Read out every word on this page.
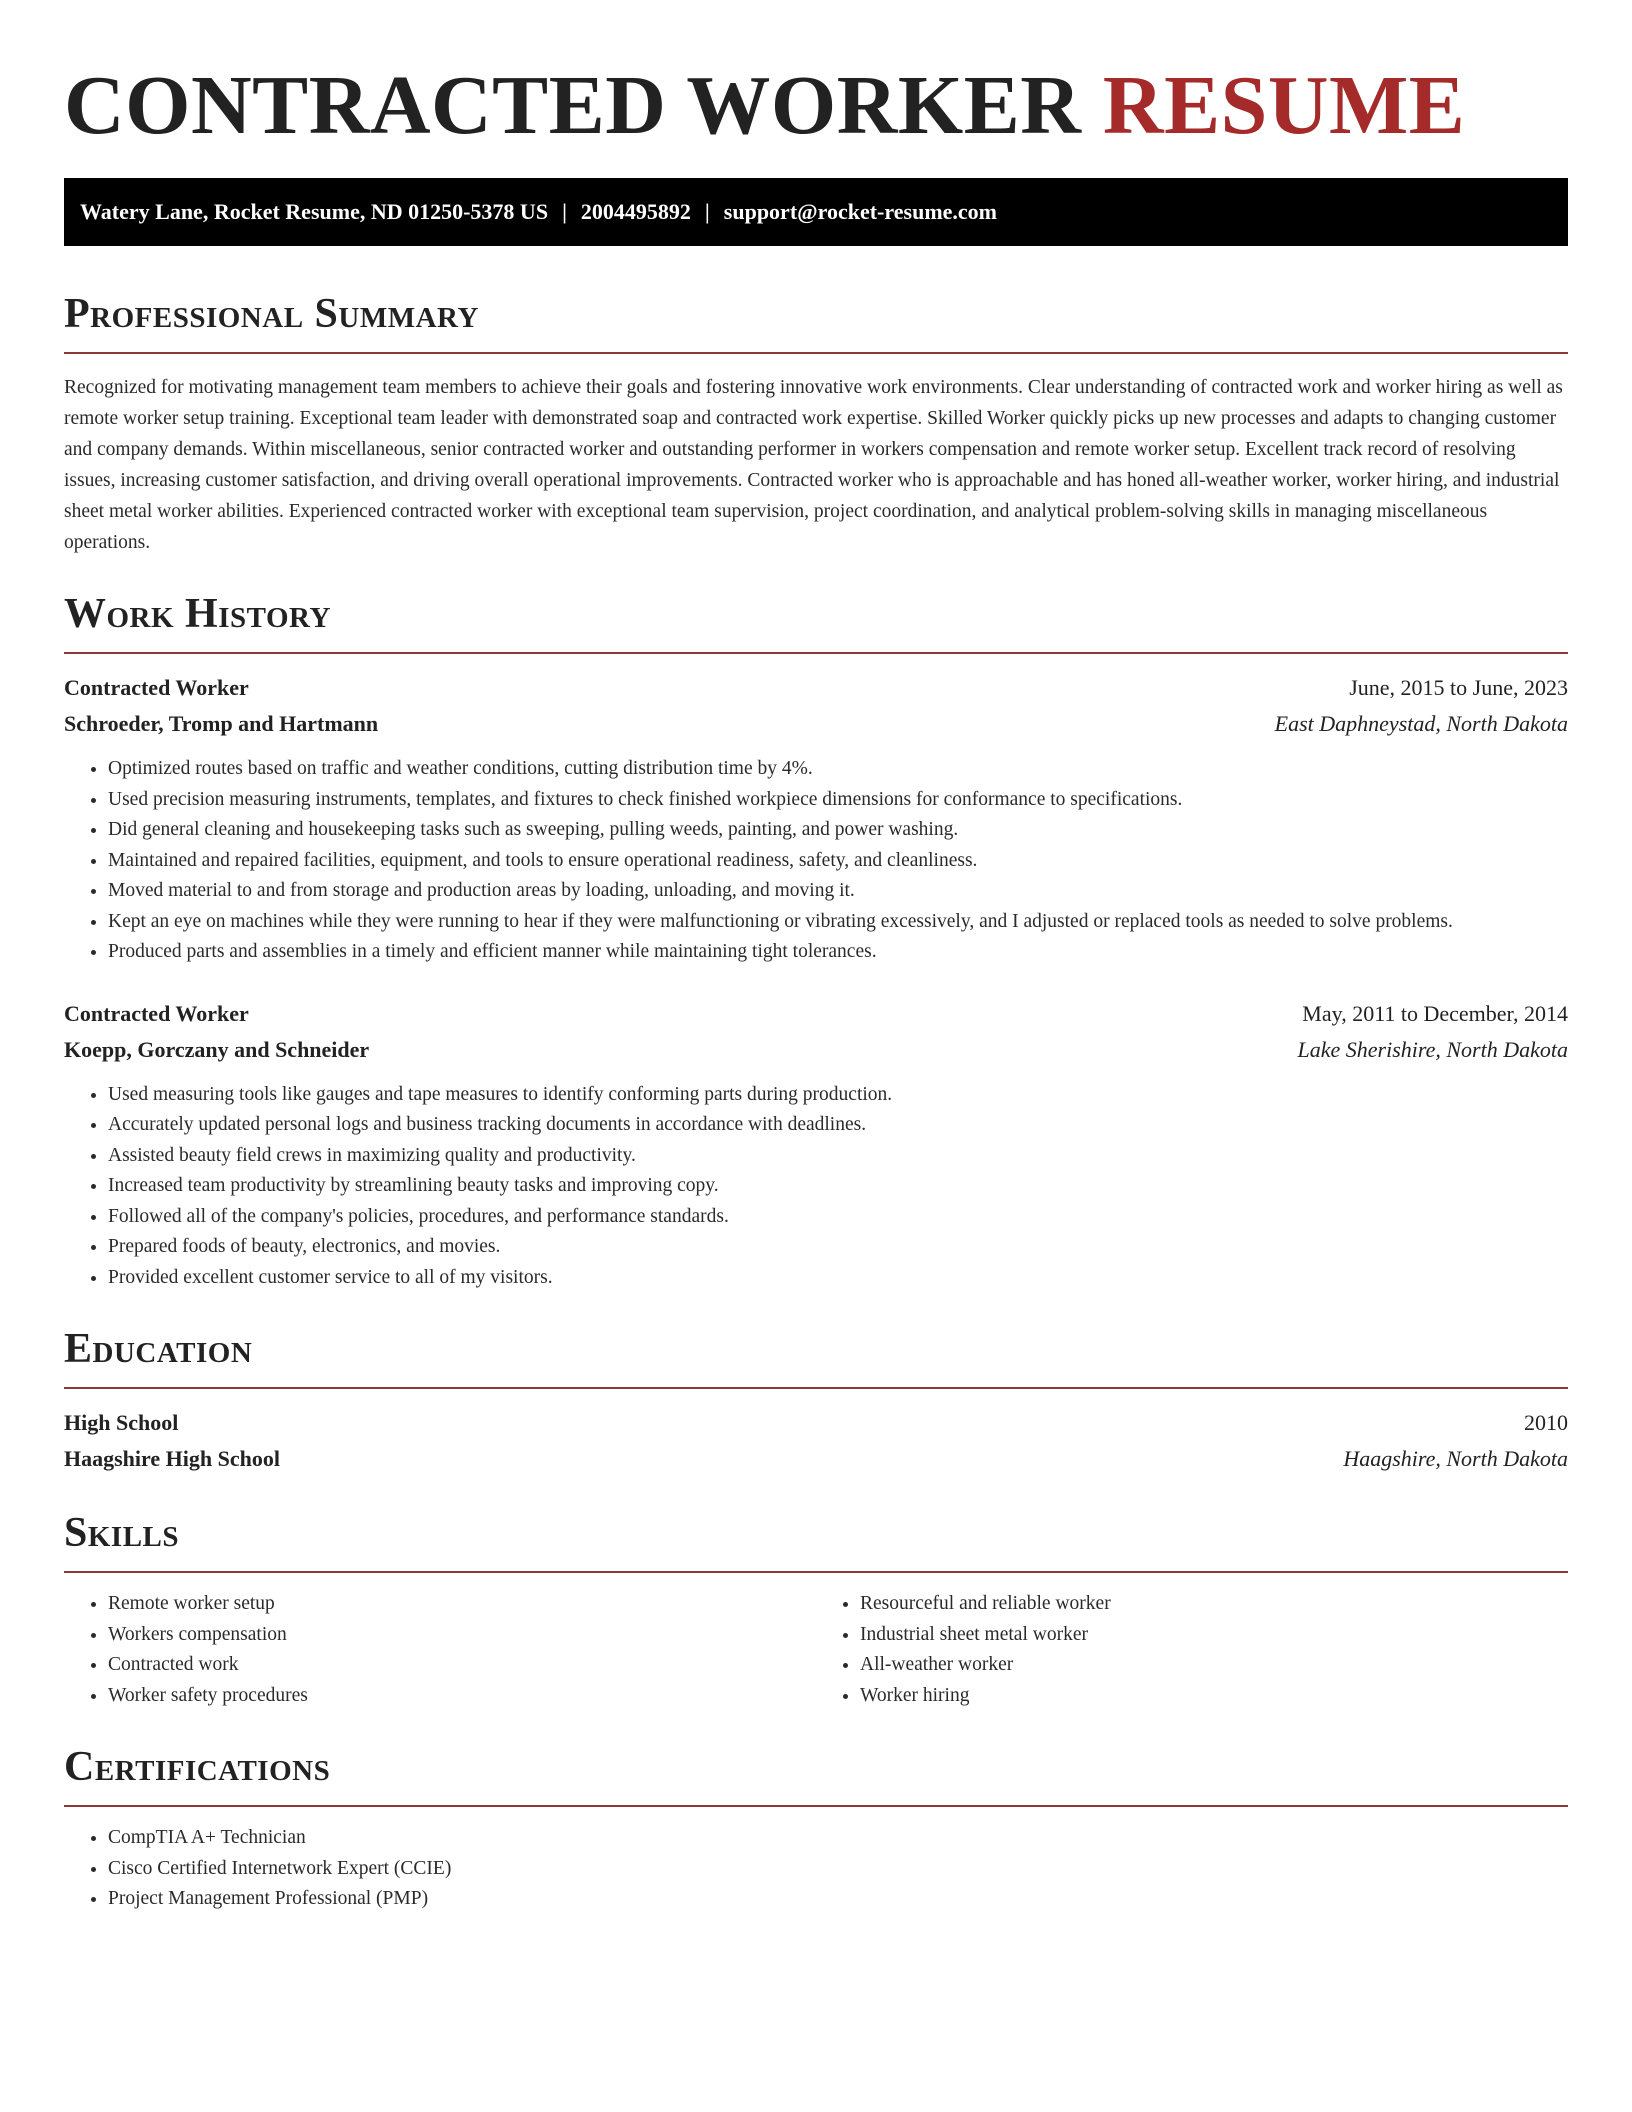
CONTRACTED WORKER RESUME
Watery Lane, Rocket Resume, ND 01250-5378 US | 2004495892 | support@rocket-resume.com
Professional Summary

Recognized for motivating management team members to achieve their goals and fostering innovative work environments. Clear understanding of contracted work and worker hiring as well as remote worker setup training. Exceptional team leader with demonstrated soap and contracted work expertise. Skilled Worker quickly picks up new processes and adapts to changing customer and company demands. Within miscellaneous, senior contracted worker and outstanding performer in workers compensation and remote worker setup. Excellent track record of resolving issues, increasing customer satisfaction, and driving overall operational improvements. Contracted worker who is approachable and has honed all-weather worker, worker hiring, and industrial sheet metal worker abilities. Experienced contracted worker with exceptional team supervision, project coordination, and analytical problem-solving skills in managing miscellaneous operations.

Work History
Contracted Worker	June, 2015 to June, 2023
Schroeder, Tromp and Hartmann	East Daphneystad, North Dakota
• Optimized routes based on traffic and weather conditions, cutting distribution time by 4%.
• Used precision measuring instruments, templates, and fixtures to check finished workpiece dimensions for conformance to specifications.
• Did general cleaning and housekeeping tasks such as sweeping, pulling weeds, painting, and power washing.
• Maintained and repaired facilities, equipment, and tools to ensure operational readiness, safety, and cleanliness.
• Moved material to and from storage and production areas by loading, unloading, and moving it.
• Kept an eye on machines while they were running to hear if they were malfunctioning or vibrating excessively, and I adjusted or replaced tools as needed to solve problems.
• Produced parts and assemblies in a timely and efficient manner while maintaining tight tolerances.
Contracted Worker	May, 2011 to December, 2014
Koepp, Gorczany and Schneider	Lake Sherishire, North Dakota
• Used measuring tools like gauges and tape measures to identify conforming parts during production.
• Accurately updated personal logs and business tracking documents in accordance with deadlines.
• Assisted beauty field crews in maximizing quality and productivity.
• Increased team productivity by streamlining beauty tasks and improving copy.
• Followed all of the company's policies, procedures, and performance standards.
• Prepared foods of beauty, electronics, and movies.
• Provided excellent customer service to all of my visitors.
Education
High School	2010
Haagshire High School	Haagshire, North Dakota
Skills
• Remote worker setup
• Workers compensation
• Contracted work
• Worker safety procedures
• Resourceful and reliable worker
• Industrial sheet metal worker
• All-weather worker
• Worker hiring
Certifications
• CompTIA A+ Technician
• Cisco Certified Internetwork Expert (CCIE)
• Project Management Professional (PMP)
